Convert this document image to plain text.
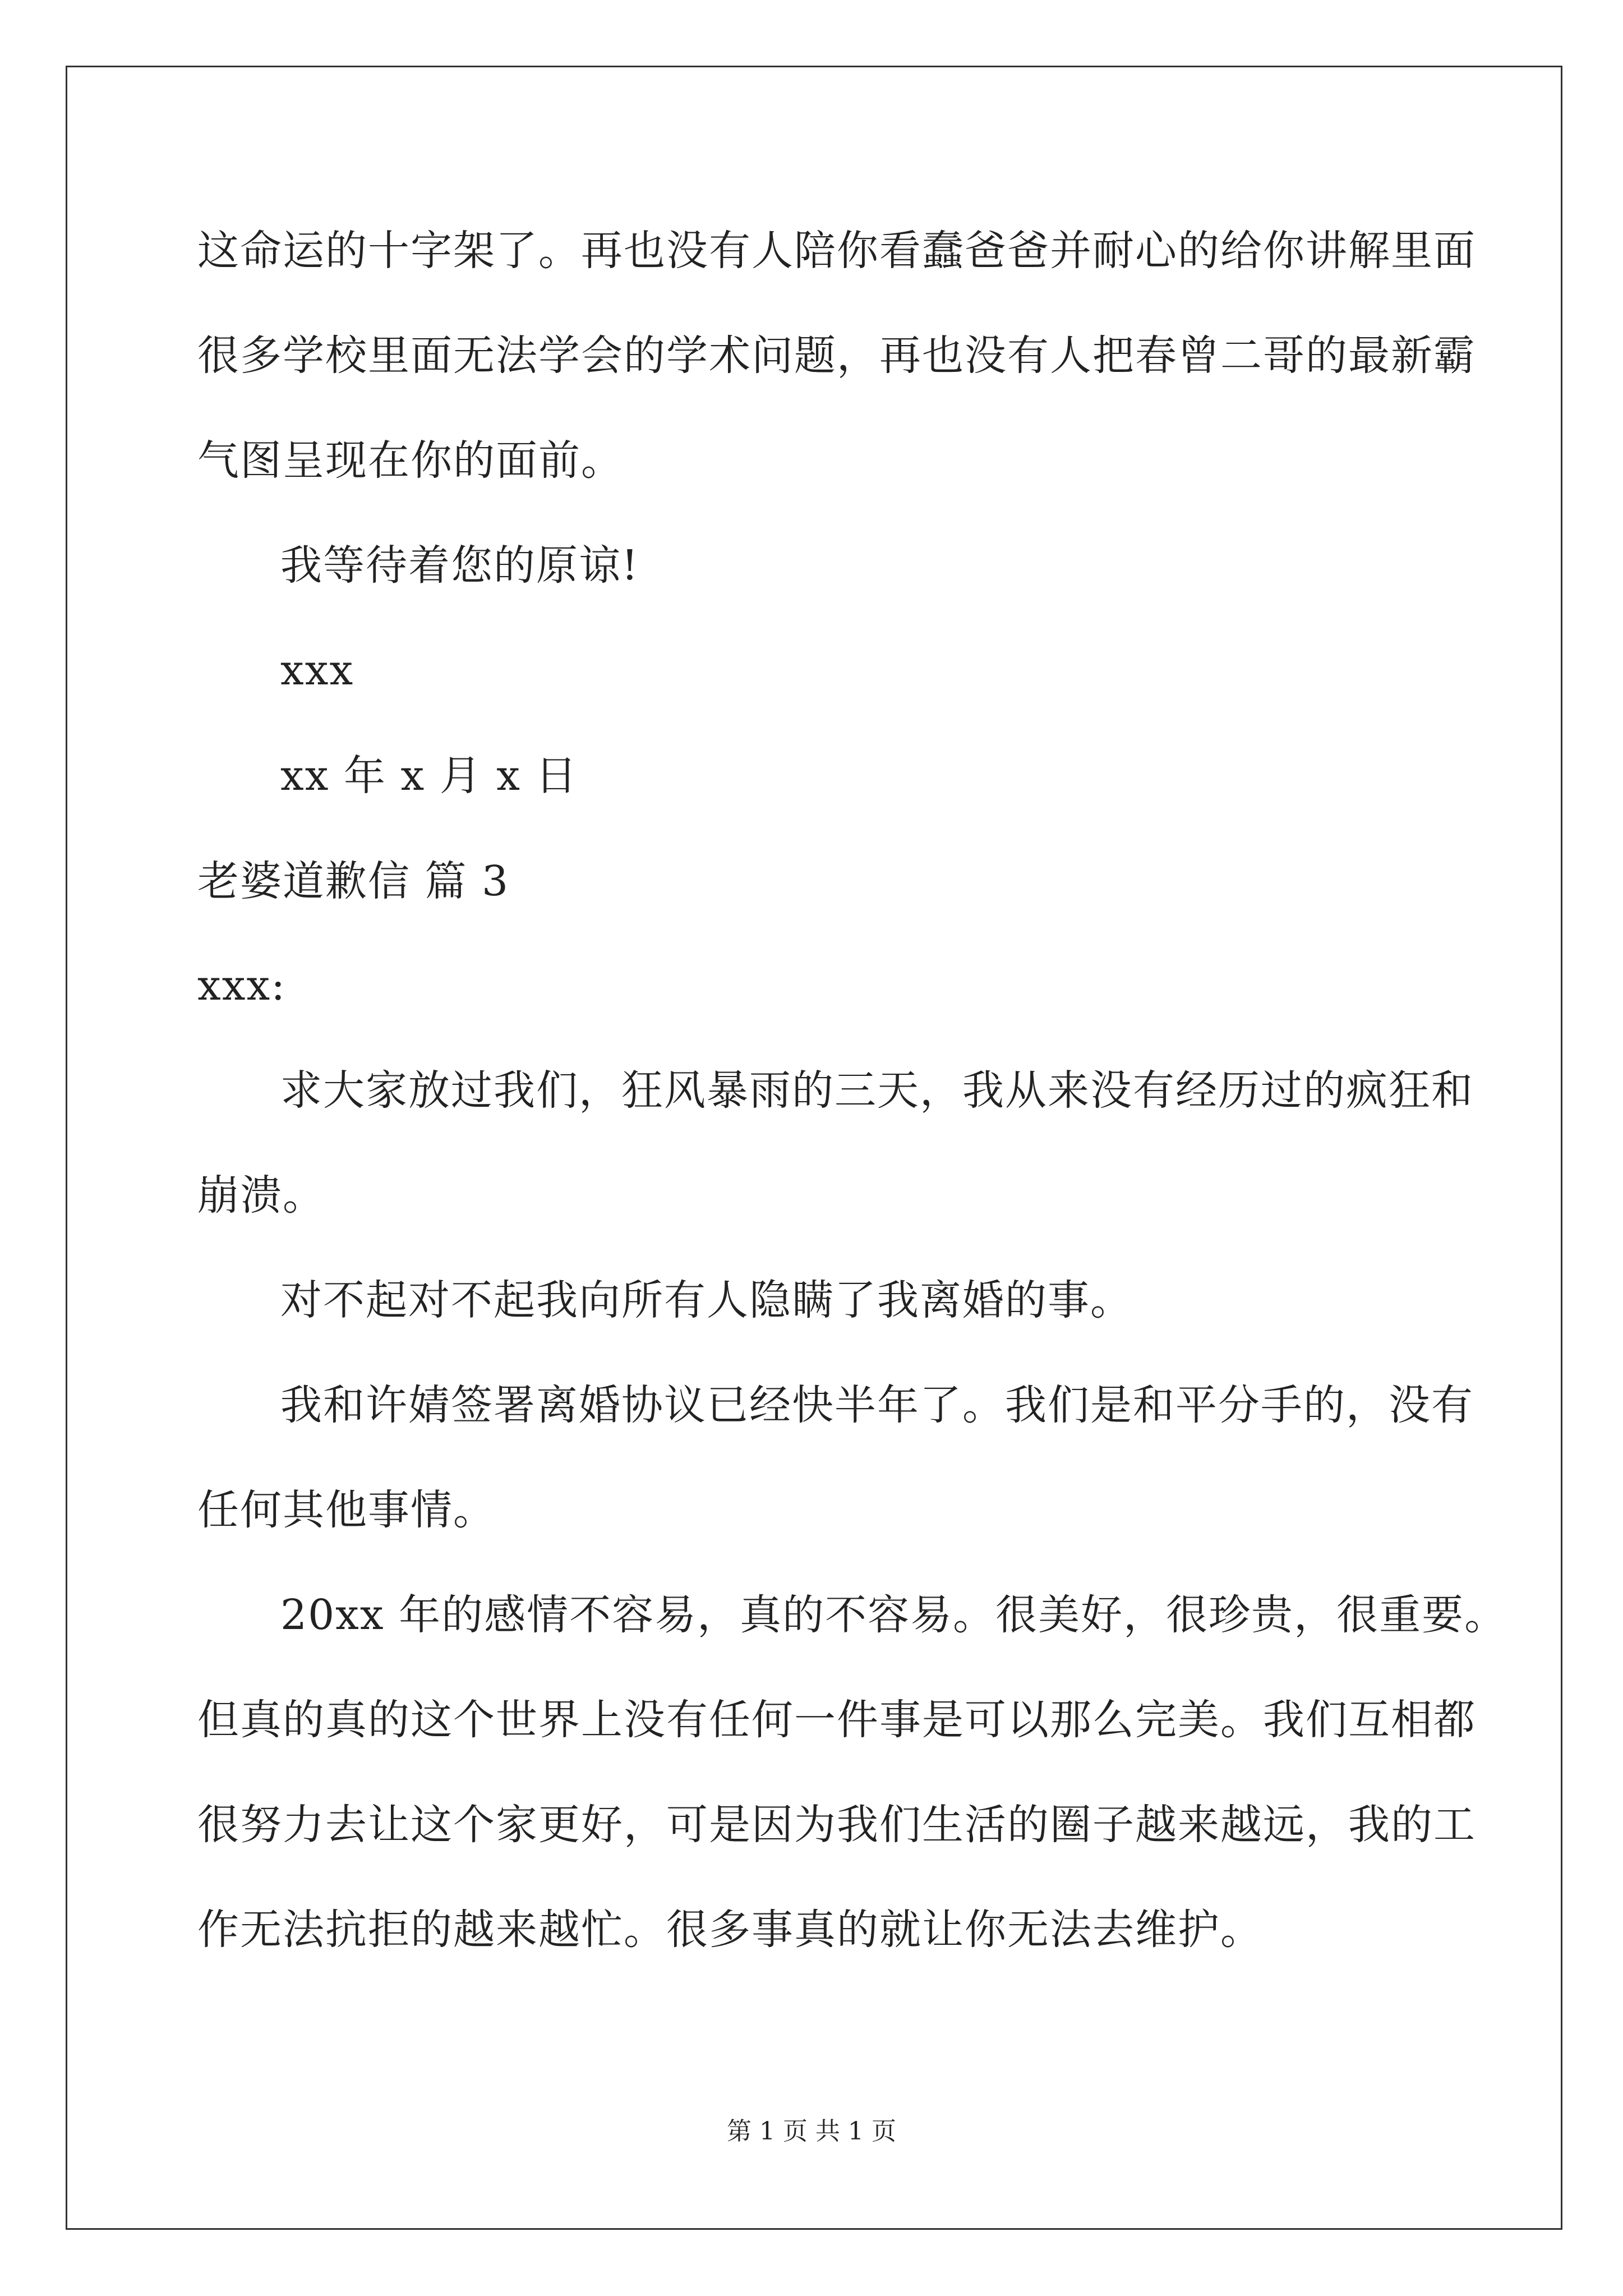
这命运的十字架了。再也没有人陪你看蠢爸爸并耐心的给你讲解里面
很多学校里面无法学会的学术问题，再也没有人把春曾二哥的最新霸
气图呈现在你的面前。
我等待着您的原谅!
xxx
xx 年 x 月 x 日
老婆道歉信 篇 3
xxx:
求大家放过我们，狂风暴雨的三天，我从来没有经历过的疯狂和
崩溃。
对不起对不起我向所有人隐瞒了我离婚的事。
我和许婧签署离婚协议已经快半年了。我们是和平分手的，没有
任何其他事情。
20xx 年的感情不容易，真的不容易。很美好，很珍贵，很重要。
但真的真的这个世界上没有任何一件事是可以那么完美。我们互相都
很努力去让这个家更好，可是因为我们生活的圈子越来越远，我的工
作无法抗拒的越来越忙。很多事真的就让你无法去维护。
第 1 页 共 1 页
